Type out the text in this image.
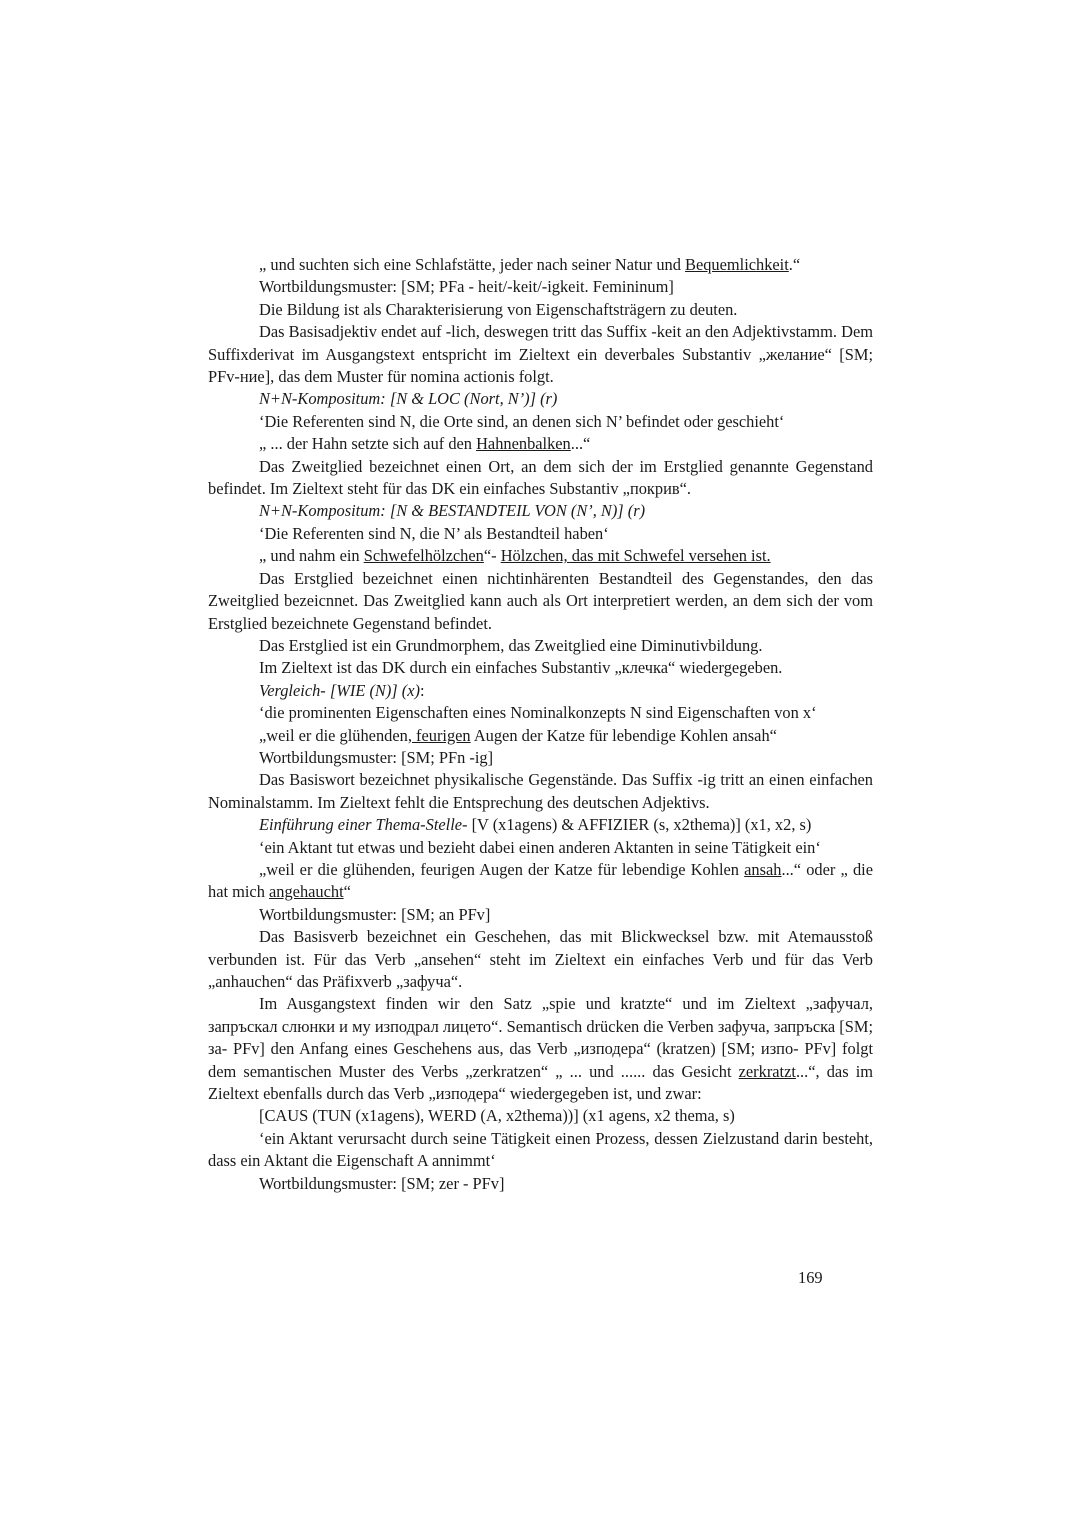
„ und suchten sich eine Schlafstätte, jeder nach seiner Natur und Bequemlichkeit.“

Wortbildungsmuster: [SM; PFa - heit/-keit/-igkeit. Femininum]

Die Bildung ist als Charakterisierung von Eigenschaftsträgern zu deuten.

Das Basisadjektiv endet auf -lich, deswegen tritt das Suffix -keit an den Adjektivstamm. Dem Suffixderivat im Ausgangstext entspricht im Zieltext ein deverbales Substantiv „желание“ [SM; PFv-ние], das dem Muster für nomina actionis folgt.

N+N-Kompositum: [N & LOC (Nort, N’)] (r)

‘Die Referenten sind N, die Orte sind, an denen sich N’ befindet oder geschieht‘

„ ... der Hahn setzte sich auf den Hahnenbalken...“

Das Zweitglied bezeichnet einen Ort, an dem sich der im Erstglied genannte Gegenstand befindet. Im Zieltext steht für das DK ein einfaches Substantiv „покрив“.

N+N-Kompositum: [N & BESTANDTEIL VON (N’, N)] (r)

‘Die Referenten sind N, die N’ als Bestandteil haben‘

„ und nahm ein Schwefelhölzchen“- Hölzchen, das mit Schwefel versehen ist.

Das Erstglied bezeichnet einen nichtinhärenten Bestandteil des Gegenstandes, den das Zweitglied bezeicnnet. Das Zweitglied kann auch als Ort interpretiert werden, an dem sich der vom Erstglied bezeichnete Gegenstand befindet.

Das Erstglied ist ein Grundmorphem, das Zweitglied eine Diminutivbildung.

Im Zieltext ist das DK durch ein einfaches Substantiv „клечка“ wiedergegeben.

Vergleich- [WIE (N)] (x):

‘die prominenten Eigenschaften eines Nominalkonzepts N sind Eigenschaften von x‘

„weil er die glühenden, feurigen Augen der Katze für lebendige Kohlen ansah“

Wortbildungsmuster: [SM; PFn -ig]

Das Basiswort bezeichnet physikalische Gegenstände. Das Suffix -ig tritt an einen einfachen Nominalstamm. Im Zieltext fehlt die Entsprechung des deutschen Adjektivs.

Einführung einer Thema-Stelle- [V (x1agens) & AFFIZIER (s, x2thema)] (x1, x2, s)

‘ein Aktant tut etwas und bezieht dabei einen anderen Aktanten in seine Tätigkeit ein‘

„weil er die glühenden, feurigen Augen der Katze für lebendige Kohlen ansah...“ oder „ die hat mich angehaucht“

Wortbildungsmuster: [SM; an PFv]

Das Basisverb bezeichnet ein Geschehen, das mit Blickwecksel bzw. mit Atemausstoß verbunden ist. Für das Verb „ansehen“ steht im Zieltext ein einfaches Verb und für das Verb „anhauchen“ das Präfixverb „зафуча“.

Im Ausgangstext finden wir den Satz „spie und kratzte“ und im Zieltext „зафучал, запръскал слюнки и му изподрал лицето“. Semantisch drücken die Verben зафуча, запръска [SM; за- PFv] den Anfang eines Geschehens aus, das Verb „изподера“ (kratzen) [SM; изпо- PFv] folgt dem semantischen Muster des Verbs „zerkratzen“ „ ... und ...... das Gesicht zerkratzt...“, das im Zieltext ebenfalls durch das Verb „изподера“ wiedergegeben ist, und zwar:

[CAUS (TUN (x1agens), WERD (A, x2thema))] (x1 agens, x2 thema, s)

‘ein Aktant verursacht durch seine Tätigkeit einen Prozess, dessen Zielzustand darin besteht, dass ein Aktant die Eigenschaft A annimmt‘

Wortbildungsmuster: [SM; zer - PFv]

169
